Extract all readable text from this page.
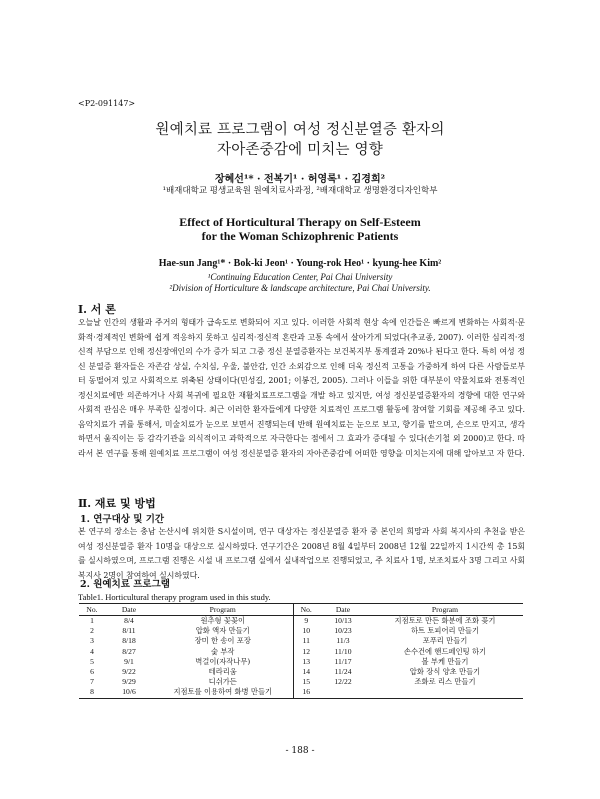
<P2-091147>
원예치료 프로그램이 여성 정신분열증 환자의
자아존중감에 미치는 영향
장혜선¹* · 전복기¹ · 허영록¹ · 김경희²
¹배재대학교 평생교육원 원예치료사과정, ²배재대학교 생명환경디자인학부
Effect of Horticultural Therapy on Self-Esteem
for the Woman Schizophrenic Patients
Hae-sun Jang¹* · Bok-ki Jeon¹ · Young-rok Heo¹ · kyung-hee Kim²
¹Continuing Education Center, Pai Chai University
²Division of Horticulture & landscape architecture, Pai Chai University.
Ⅰ. 서 론

오늘날 인간의 생활과 주거의 형태가 급속도로 변화되어 지고 있다. 이러한 사회적 현상 속에 인간들은 빠르게 변화하는 사회적·문화적·경제적인 변화에 쉽게 적응하지 못하고 심리적·정신적 혼란과 고통 속에서 살아가게 되었다(추교종, 2007). 이러한 심리적·정신적 부담으로 인해 정신장애인의 수가 증가 되고 그중 정신 분열증환자는 보건복지부 통계결과 20%나 된다고 한다. 특히 여성 정신 분열증 환자들은 자존감 상실, 수치심, 우울, 불안감, 인간 소외감으로 인해 더욱 정신적 고통을 가중하게 하여 다른 사람들로부터 동떨어져 있고 사회적으로 위축된 상태이다(민성길, 2001; 이봉건, 2005). 그러나 이들을 위한 대부분이 약물치료와 전통적인 정신치료에만 의존하거나 사회 복귀에 필요한 재활치료프로그램을 개발 하고 있지만, 여성 정신분열증환자의 경향에 대한 연구와 사회적 관심은 매우 부족한 실정이다. 최근 이러한 환자들에게 다양한 치료적인 프로그램 활동에 참여할 기회를 제공해 주고 있다. 음악치료가 귀를 통해서, 미술치료가 눈으로 보면서 진행되는데 반해 원예치료는 눈으로 보고, 향기를 맡으며, 손으로 만지고, 생각하면서 움직이는 등 감각기관을 의식적이고 과학적으로 자극한다는 점에서 그 효과가 증대될 수 있다(손기철 외 2000)고 한다. 따라서 본 연구를 통해 원예치료 프로그램이 여성 정신분열증 환자의 자아존중감에 어떠한 영향을 미치는지에 대해 알아보고 자 한다.

Ⅱ. 재료 및 방법
1. 연구대상 및 기간

본 연구의 장소는 충남 논산시에 위치한 S시설이며, 연구 대상자는 정신분열증 환자 중 본인의 희망과 사회 복지사의 추천을 받은 여성 정신분열증 환자 10명을 대상으로 실시하였다. 연구기간은 2008년 8월 4일부터 2008년 12월 22일까지 1시간씩 총 15회를 실시하였으며, 프로그램 진행은 시설 내 프로그램 실에서 실내작업으로 진행되었고, 주 치료사 1명, 보조치료사 3명 그리고 사회 복지사 2명이 참여하여 실시하였다.

2. 원예치료 프로그램
Table1. Horticultural therapy program used in this study.
No.	Date	Program	No.	Date	Program
1	8/4	원추형 꽃꽂이	9	10/13	지점토로 만든 화분에 조화 꽂기
2	8/11	압화 액자 만들기	10	10/23	하트 토피어리 만들기
3	8/18	장미 한 송이 포장	11	11/3	포푸리 만들기
4	8/27	숯 부작	12	11/10	손수건에 핸드페인팅 하기
5	9/1	벽걸이(자작나무)	13	11/17	볼 부케 만들기
6	9/22	테라리움	14	11/24	압화 장식 양초 만들기
7	9/29	디쉬가든	15	12/22	조화로 리스 만들기
8	10/6	지점토를 이용하여 화병 만들기	16		
- 188 -
